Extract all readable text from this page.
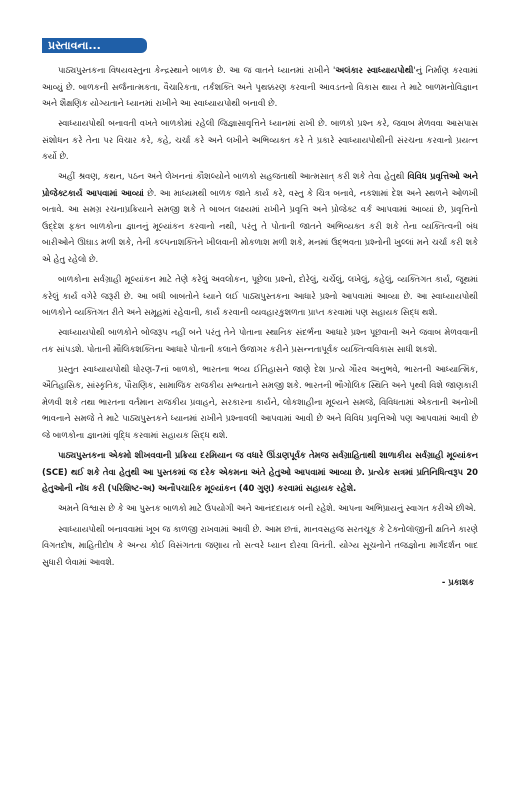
પ્રસ્તાવના...

પાઠ્યપુસ્તકના વિષયવસ્તુના કેન્દ્રસ્થાને બાળક છે. આ જ વાતને ધ્યાનમાં રાખીને 'અલંકાર સ્વાધ્યાયપોથી'નું નિર્માણ કરવામાં આવ્યું છે. બાળકની સર્જનાત્મકતા, વૈચારિકતા, તર્કશક્તિ અને પૃથક્કરણ કરવાની આવડતનો વિકાસ થાય તે માટે બાળમનોવિજ્ઞાન અને શૈક્ષણિક યોગ્યતાને ધ્યાનમાં રાખીને આ સ્વાધ્યાયપોથી બનાવી છે.

સ્વાધ્યાયપોથી બનાવતી વખતે બાળકોમાં રહેલી જિજ્ઞાસાવૃત્તિને ધ્યાનમાં રાખી છે. બાળકો પ્રશ્ન કરે, જવાબ મેળવવા આસપાસ સંશોધન કરે તેના પર વિચાર કરે, કહે, ચર્ચા કરે અને લખીને અભિવ્યક્ત કરે તે પ્રકારે સ્વાધ્યાયપોથીની સંરચના કરવાનો પ્રયત્ન કર્યો છે.

અહીં શ્રવણ, કથન, પઠન અને લેખનનાં કૌશલ્યોને બાળકો સહજતાથી આત્મસાત્ કરી શકે તેવા હેતુથી વિવિધ પ્રવૃત્તિઓ અને પ્રોજેક્ટકાર્ય આપવામાં આવ્યાં છે. આ માધ્યમથી બાળક જાતે કાર્ય કરે, વસ્તુ કે ચિત્ર બનાવે, નકશામાં દેશ અને સ્થળને ઓળખી બતાવે. આ સમગ્ર રચનાપ્રક્રિયાને સમજી શકે તે બાબત લક્ષ્યમાં રાખીને પ્રવૃત્તિ અને પ્રોજેક્ટ વર્ક આપવામાં આવ્યાં છે, પ્રવૃત્તિનો ઉદ્દેશ ફક્ત બાળકોના જ્ઞાનનું મૂલ્યાંકન કરવાનો નથી, પરંતુ તે પોતાની જાતને અભિવ્યક્ત કરી શકે તેના વ્યક્તિત્વની બંધ બારીઓને ઊઘાડ મળી શકે, તેની કલ્પનાશક્તિને ખીલવાની મોકળાશ મળી શકે, મનમાં ઉદ્ભવતા પ્રશ્નોની ખુલ્લાં મને ચર્ચા કરી શકે એ હેતુ રહેલો છે.

બાળકોના સર્વગ્રાહી મૂલ્યાંકન માટે તેણે કરેલું અવલોકન, પૂછેલા પ્રશ્નો, દોરેલું, ચર્ચેલું, લખેલું, કહેલું, વ્યક્તિગત કાર્ય, જૂથમાં કરેલું કાર્ય વગેરે જરૂરી છે. આ બધી બાબતોને ધ્યાને લઈ પાઠ્યપુસ્તકના આધારે પ્રશ્નો આપવામાં આવ્યા છે. આ સ્વાધ્યાયપોથી બાળકોને વ્યક્તિગત રીતે અને સમૂહમાં રહેવાની, કાર્ય કરવાની વ્યવહારકુશળતા પ્રાપ્ત કરવામાં પણ સહાયક સિદ્ધ થશે.

સ્વાધ્યાયપોથી બાળકોને બોજરૂપ નહીં બને પરંતુ તેને પોતાના સ્થાનિક સંદર્ભના આધારે પ્રશ્ન પૂછવાની અને જવાબ મેળવવાની તક સાંપડશે. પોતાની મૌલિકશક્તિના આધારે પોતાની કલાને ઉજાગર કરીને પ્રસન્નતાપૂર્વક વ્યક્તિત્વવિકાસ સાધી શકશે.

પ્રસ્તુત સ્વાધ્યાયપોથી ધોરણ-7નાં બાળકો, ભારતના ભવ્ય ઈતિહાસને જાણે દેશ પ્રત્યે ગૌરવ અનુભવે, ભારતની આધ્યાત્મિક, ઐતિહાસિક, સાંસ્કૃતિક, પૌરાણિક, સામાજિક રાજકીય સભ્યતાને સમજી શકે. ભારતની ભૌગોલિક સ્થિતિ અને પૃથ્વી વિશે જાણકારી મેળવી શકે તથા ભારતના વર્તમાન રાજકીય પ્રવાહને, સરકારના કાર્યને, લોકશાહીના મૂલ્યને સમજે, વિવિધતામાં એકતાની અનોખી ભાવનાને સમજે તે માટે પાઠ્યપુસ્તકને ધ્યાનમાં રાખીને પ્રશ્નાવલી આપવામાં આવી છે અને વિવિધ પ્રવૃત્તિઓ પણ આપવામાં આવી છે જે બાળકોના જ્ઞાનમાં વૃદ્ધિ કરવામાં સહાયક સિદ્ધ થશે.

પાઠ્યપુસ્તકના એકમો શીખવવાની પ્રક્રિયા દરમિયાન જ વધારે ઊંડાણપૂર્વક તેમજ સર્વગ્રાહિતાથી શાળાકીય સર્વગ્રાહી મૂલ્યાંકન (SCE) થઈ શકે તેવા હેતુથી આ પુસ્તકમાં જ દરેક એકમના અંતે હેતુઓ આપવામાં આવ્યા છે. પ્રત્યેક સત્રમાં પ્રતિનિધિત્વરૂપ 20 હેતુઓની નોંધ કરી (પરિશિષ્ટ-અ) અનૌપચારિક મૂલ્યાંકન (40 ગુણ) કરવામાં સહાયક રહેશે.

અમને વિશ્વાસ છે કે આ પુસ્તક બાળકો માટે ઉપયોગી અને આનંદદાયક બની રહેશે. આપના અભિપ્રાયનું સ્વાગત કરીએ છીએ.

સ્વાધ્યાયપોથી બનાવવામાં ખૂબ જ કાળજી રાખવામાં આવી છે. આમ છતાં, માનવસહજ સરતચૂક કે ટેક્નોલૉજીની ક્ષતિને કારણે વિગતદોષ, માહિતીદોષ કે અન્ય કોઈ વિસંગતતા જણાય તો સત્વરે ધ્યાન દોરવા વિનંતી. યોગ્ય સૂચનોને તજજ્ઞોના માર્ગદર્શન બાદ સુધારી લેવામાં આવશે.

- પ્રકાશક
